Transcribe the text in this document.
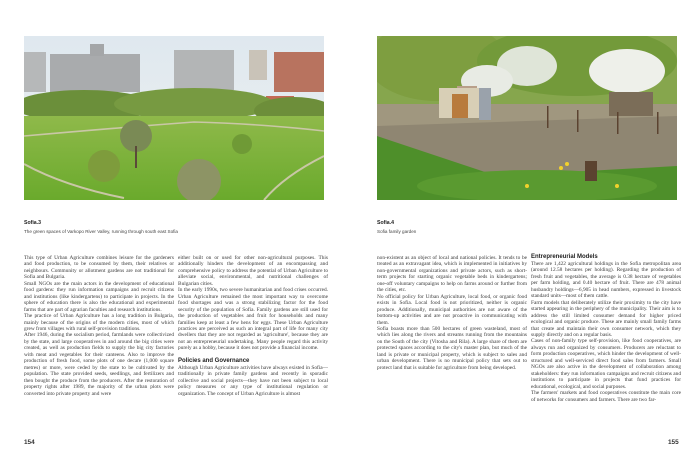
Sofia.3
The green spaces of Varkopo River Valley, running through south east Sofia

This type of Urban Agriculture combines leisure for the gardeners and food production, to be consumed by them, their relatives or neighbours. Community or allotment gardens are not traditional for Sofia and Bulgaria.

Small NGOs are the main actors in the development of educational food gardens: they run information campaigns and recruit citizens and institutions (like kindergartens) to participate in projects. In the sphere of education there is also the educational and experimental farms that are part of agrarian faculties and research institutions.

The practice of Urban Agriculture has a long tradition in Bulgaria, mainly because of the origins of the modern cities, most of which grew from villages with rural self-provision traditions.

After 1946, during the socialism period, farmlands were collectivized by the state, and large cooperatives in and around the big cities were created, as well as production fields to supply the big city factories with meat and vegetables for their canteens. Also to improve the production of fresh food, some plots of one decare (1,000 square metres) or more, were ceded by the state to be cultivated by the population. The state provided seeds, seedlings, and fertilizers and then bought the produce from the producers. After the restoration of property rights after 1989, the majority of the urban plots were converted into private property and were

either built on or used for other non-agricultural purposes. This additionally hinders the development of an encompassing and comprehensive policy to address the potential of Urban Agriculture to alleviate social, environmental, and nutritional challenges of Bulgarian cities.

In the early 1990s, two severe humanitarian and food crises occurred. Urban Agriculture remained the most important way to overcome food shortages and was a strong stabilizing factor for the food security of the population of Sofia. Family gardens are still used for the production of vegetables and fruit for households and many families keep at least a few hens for eggs. These Urban Agriculture practices are perceived as such an integral part of life for many city dwellers that they are not regarded as 'agriculture', because they are not an entrepreneurial undertaking. Many people regard this activity purely as a hobby, because it does not provide a financial income.

Policies and Governance

Although Urban Agriculture activities have always existed in Sofia—traditionally in private family gardens and recently in sporadic collective and social projects—they have not been subject to local policy measures or any type of institutional regulation or organization. The concept of Urban Agriculture is almost

154
Sofia.4
Sofia family garden

non-existent as an object of local and national policies. It tends to be treated as an extravagant idea, which is implemented in initiatives by non-governmental organizations and private actors, such as short-term projects for starting organic vegetable beds in kindergartens; one-off voluntary campaigns to help on farms around or further from the cities, etc.

No official policy for Urban Agriculture, local food, or organic food exists in Sofia. Local food is not prioritized, neither is organic produce. Additionally, municipal authorities are not aware of the bottom-up activities and are not proactive in communicating with them.

Sofia boasts more than 500 hectares of green wasteland, most of which lies along the rivers and streams running from the mountains on the South of the city (Vitosha and Rila). A large share of them are protected spaces according to the city's master plan, but much of the land is private or municipal property, which is subject to sales and urban development. There is no municipal policy that sets out to protect land that is suitable for agriculture from being developed.

Entrepreneurial Models

There are 1,422 agricultural holdings in the Sofia metropolitan area (around 12.58 hectares per holding). Regarding the production of fresh fruit and vegetables, the average is 0.38 hectare of vegetables per farm holding, and 0.40 hectare of fruit. There are 478 animal husbandry holdings—6,905 in head numbers, expressed in livestock standard units—most of them cattle.

Farm models that deliberately utilize their proximity to the city have started appearing in the periphery of the municipality. Their aim is to address the still limited consumer demand for higher priced ecological and organic produce. These are mainly small family farms that create and maintain their own consumer network, which they supply directly and on a regular basis.

Cases of non-family type self-provision, like food cooperatives, are always run and organized by consumers. Producers are reluctant to form production cooperatives, which hinder the development of well-structured and well-serviced direct food sales from farmers. Small NGOs are also active in the development of collaboration among stakeholders: they run information campaigns and recruit citizens and institutions to participate in projects that fund practices for educational, ecological, and social purposes.

The farmers' markets and food cooperatives constitute the main core of networks for consumers and farmers. There are two far-

155
